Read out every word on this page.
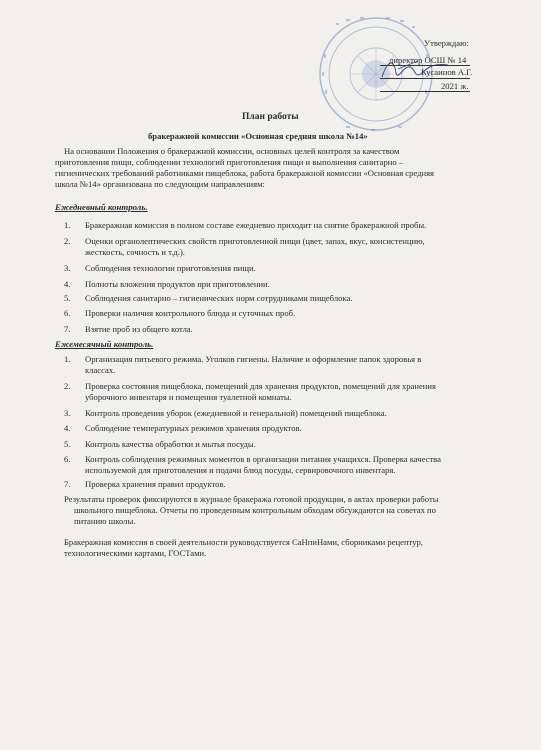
Утверждаю:
директор ОСШ № 14
Кусаинов А.Г.
2021 ж.
План работы
бракеражной комиссии «Основная средняя школа №14»
На основании Положения о бракеражной комиссии, основных целей контроля за качеством
приготовления пищи, соблюдении технологий приготовления пищи и выполнения санитарно –
гигиенических требований работниками пищеблока, работа бракеражной комиссии «Основная средняя
школа №14» организована по следующим направлениям:
Ежедневный контроль.
1. Бракеражная комиссия в полном составе ежедневно приходит на снятие бракеражной пробы.
2. Оценки органолептических свойств приготовленной пищи (цвет, запах, вкус, консистенцию,
жесткость, сочность и т.д.).
3. Соблюдения технологии приготовления пищи.
4. Полноты вложения продуктов при приготовлении.
5. Соблюдения санитарно – гигиенических норм сотрудниками пищеблока.
6. Проверки наличия контрольного блюда и суточных проб.
7. Взятие проб из общего котла.
Ежемесячный контроль.
1. Организация питьевого режима. Уголков гигиены. Наличие и оформление папок здоровья в
классах.
2. Проверка состояния пищеблока, помещений для хранения продуктов, помещений для хранения
уборочного инвентаря и помещения туалетной комнаты.
3. Контроль проведения уборок (ежедневной и генеральной) помещений пищеблока.
4. Соблюдение температурных режимов хранения продуктов.
5. Контроль качества обработки и мытья посуды.
6. Контроль соблюдения режимных моментов в организации питания учащихся. Проверка качества
используемой для приготовления и подачи блюд посуды, сервировочного инвентаря.
7. Проверка хранения правил продуктов.
Результаты проверок фиксируются в журнале бракеража готовой продукции, в актах проверки работы
школьного пищеблока. Отчеты по проведенным контрольным обходам обсуждаются на советах по
питанию школы.
Бракеражная комиссия в своей деятельности руководствуется СаНпиНами, сборниками рецептур,
технологическими картами, ГОСТами.
